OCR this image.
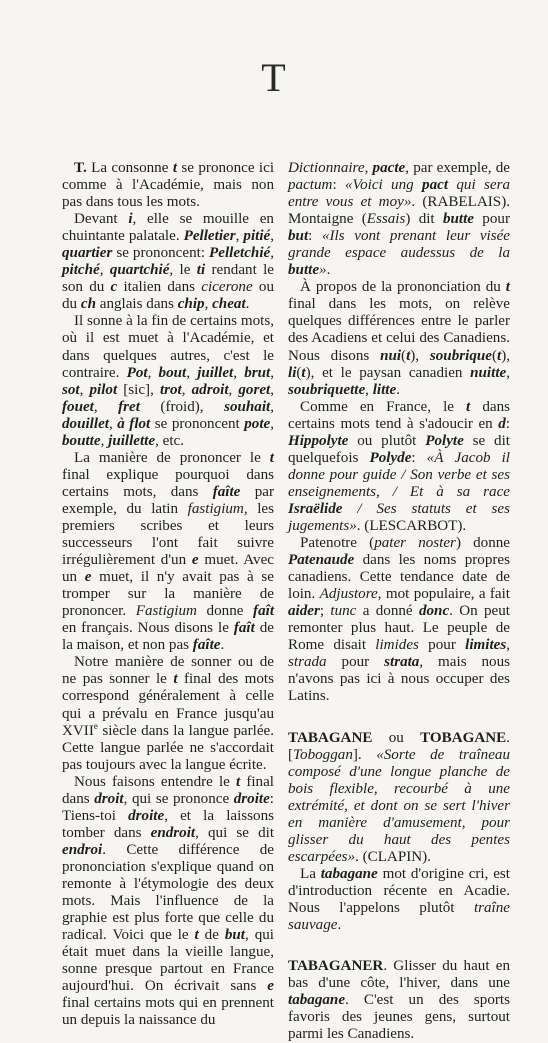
T

T. La consonne t se prononce ici comme à l'Académie, mais non pas dans tous les mots.

Devant i, elle se mouille en chuintante palatale. Pelletier, pitié, quartier se prononcent: Pelletchié, pitché, quartchié, le ti rendant le son du c italien dans cicerone ou du ch anglais dans chip, cheat.

Il sonne à la fin de certains mots, où il est muet à l'Académie, et dans quelques autres, c'est le contraire. Pot, bout, juillet, brut, sot, pilot [sic], trot, adroit, goret, fouet, fret (froid), souhait, douillet, à flot se prononcent pote, boutte, juillette, etc.

La manière de prononcer le t final explique pourquoi dans certains mots, dans faîte par exemple, du latin fastigium, les premiers scribes et leurs successeurs l'ont fait suivre irrégulièrement d'un e muet. Avec un e muet, il n'y avait pas à se tromper sur la manière de prononcer. Fastigium donne faît en français. Nous disons le faît de la maison, et non pas faîte.

Notre manière de sonner ou de ne pas sonner le t final des mots correspond généralement à celle qui a prévalu en France jusqu'au XVIIe siècle dans la langue parlée. Cette langue parlée ne s'accordait pas toujours avec la langue écrite.

Nous faisons entendre le t final dans droit, qui se prononce droite: Tiens-toi droite, et la laissons tomber dans endroit, qui se dit endroi. Cette différence de prononciation s'explique quand on remonte à l'étymologie des deux mots. Mais l'influence de la graphie est plus forte que celle du radical. Voici que le t de but, qui était muet dans la vieille langue, sonne presque partout en France aujourd'hui. On écrivait sans e final certains mots qui en prennent un depuis la naissance du

Dictionnaire, pacte, par exemple, de pactum: «Voici ung pact qui sera entre vous et moy». (RABELAIS). Montaigne (Essais) dit butte pour but: «Ils vont prenant leur visée grande espace audessus de la butte».

À propos de la prononciation du t final dans les mots, on relève quelques différences entre le parler des Acadiens et celui des Canadiens. Nous disons nui(t), soubrique(t), li(t), et le paysan canadien nuitte, soubriquette, litte.

Comme en France, le t dans certains mots tend à s'adoucir en d: Hippolyte ou plutôt Polyte se dit quelquefois Polyde: «À Jacob il donne pour guide / Son verbe et ses enseignements, / Et à sa race Israëlide / Ses statuts et ses jugements». (LESCARBOT).

Patenotre (pater noster) donne Patenaude dans les noms propres canadiens. Cette tendance date de loin. Adjustore, mot populaire, a fait aider; tunc a donné donc. On peut remonter plus haut. Le peuple de Rome disait limides pour limites, strada pour strata, mais nous n'avons pas ici à nous occuper des Latins.

TABAGANE ou TOBAGANE. [Toboggan]. «Sorte de traîneau composé d'une longue planche de bois flexible, recourbé à une extrémité, et dont on se sert l'hiver en manière d'amusement, pour glisser du haut des pentes escarpées». (CLAPIN).

La tabagane mot d'origine cri, est d'introduction récente en Acadie. Nous l'appelons plutôt traîne sauvage.

TABAGANER. Glisser du haut en bas d'une côte, l'hiver, dans une tabagane. C'est un des sports favoris des jeunes gens, surtout parmi les Canadiens.
